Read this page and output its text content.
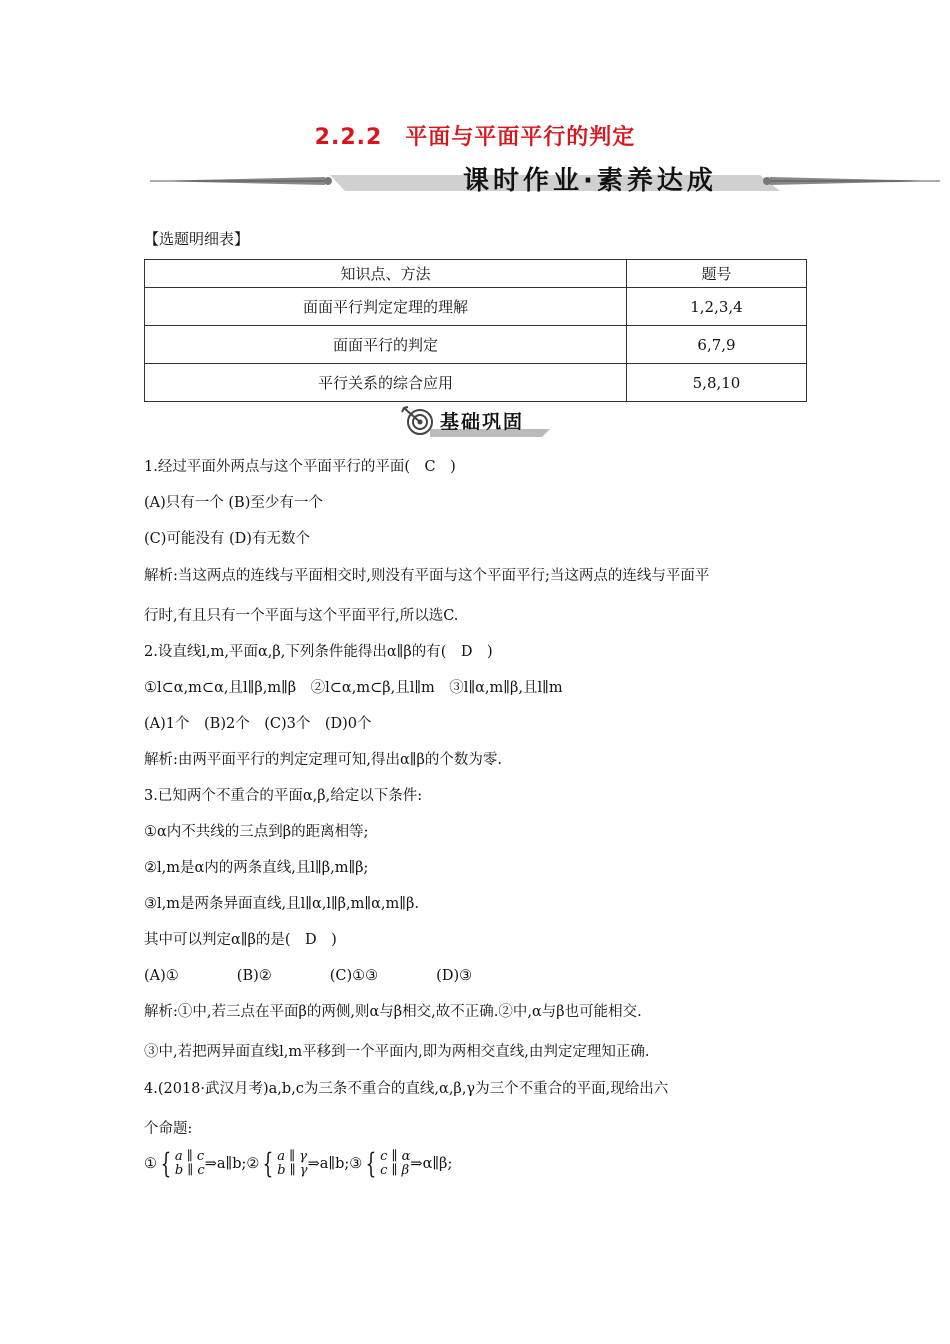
2.2.2　平面与平面平行的判定
课时作业·素养达成
【选题明细表】
知识点、方法	题号
面面平行判定定理的理解	1,2,3,4
面面平行的判定	6,7,9
平行关系的综合应用	5,8,10
基础巩固
1.经过平面外两点与这个平面平行的平面(　C　)
(A)只有一个 (B)至少有一个
(C)可能没有 (D)有无数个
解析:当这两点的连线与平面相交时,则没有平面与这个平面平行;当这两点的连线与平面平
行时,有且只有一个平面与这个平面平行,所以选C.
2.设直线l,m,平面α,β,下列条件能得出α∥β的有(　D　)
①l⊂α,m⊂α,且l∥β,m∥β　②l⊂α,m⊂β,且l∥m　③l∥α,m∥β,且l∥m
(A)1个　(B)2个　(C)3个　(D)0个
解析:由两平面平行的判定定理可知,得出α∥β的个数为零.
3.已知两个不重合的平面α,β,给定以下条件:
①α内不共线的三点到β的距离相等;
②l,m是α内的两条直线,且l∥β,m∥β;
③l,m是两条异面直线,且l∥α,l∥β,m∥α,m∥β.
其中可以判定α∥β的是(　D　)
(A)①　　　　(B)②　　　　(C)①③　　　　(D)③
解析:①中,若三点在平面β的两侧,则α与β相交,故不正确.②中,α与β也可能相交.
③中,若把两异面直线l,m平移到一个平面内,即为两相交直线,由判定定理知正确.
4.(2018·武汉月考)a,b,c为三条不重合的直线,α,β,γ为三个不重合的平面,现给出六
个命题:
① { a ∥ c
b ∥ c⇒a∥b;② { a ∥ γ
b ∥ γ⇒a∥b;③ { c ∥ α
c ∥ β⇒α∥β;
